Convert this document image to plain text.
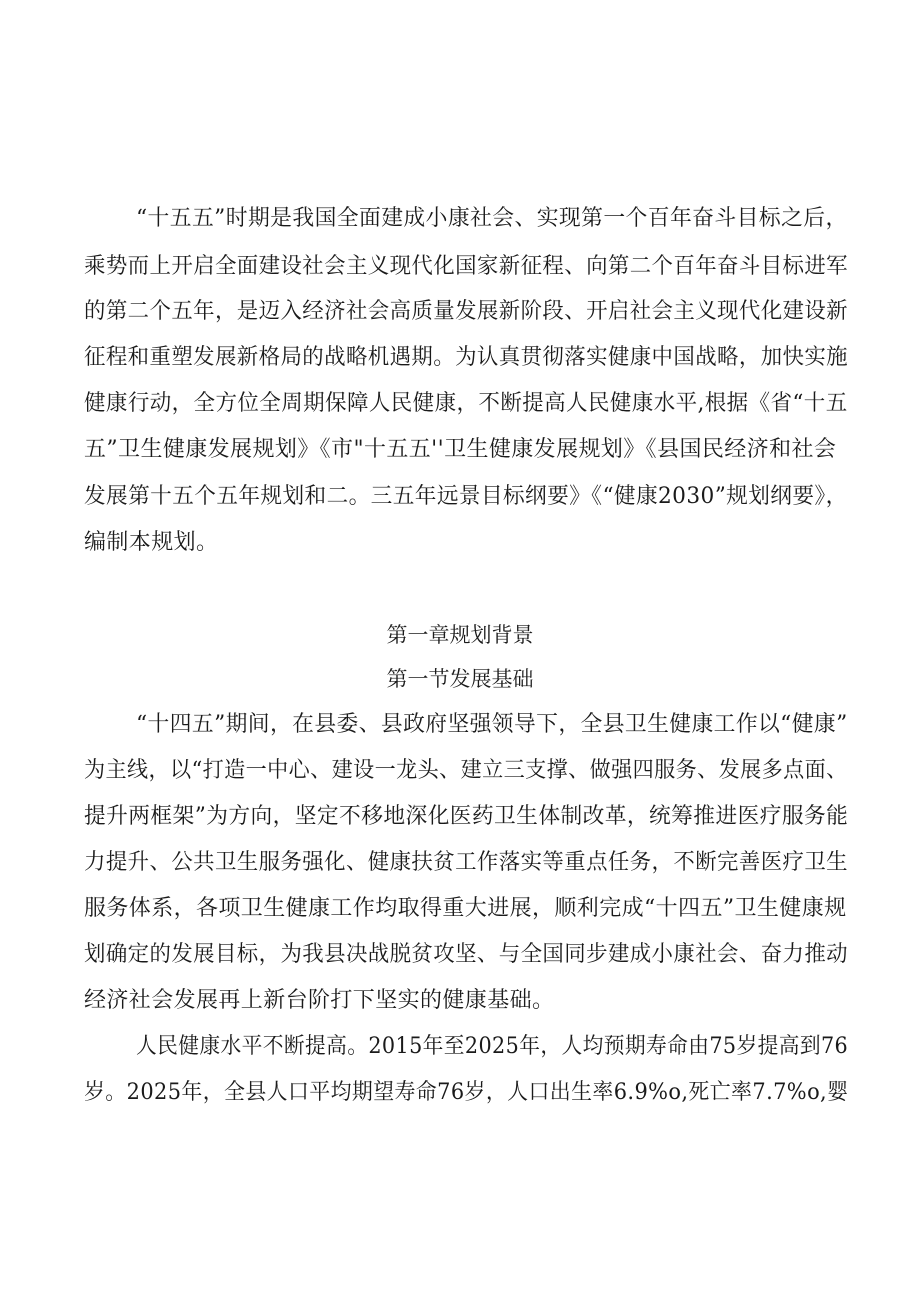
“十五五”时期是我国全面建成小康社会、实现第一个百年奋斗目标之后，
乘势而上开启全面建设社会主义现代化国家新征程、向第二个百年奋斗目标进军
的第二个五年，是迈入经济社会高质量发展新阶段、开启社会主义现代化建设新
征程和重塑发展新格局的战略机遇期。为认真贯彻落实健康中国战略，加快实施
健康行动，全方位全周期保障人民健康，不断提高人民健康水平,根据《省“十五
五”卫生健康发展规划》《市"十五五''卫生健康发展规划》《县国民经济和社会
发展第十五个五年规划和二。三五年远景目标纲要》《“健康2030”规划纲要》，
编制本规划。
第一章规划背景
第一节发展基础
“十四五”期间，在县委、县政府坚强领导下，全县卫生健康工作以“健康”
为主线，以“打造一中心、建设一龙头、建立三支撑、做强四服务、发展多点面、
提升两框架”为方向，坚定不移地深化医药卫生体制改革，统筹推进医疗服务能
力提升、公共卫生服务强化、健康扶贫工作落实等重点任务，不断完善医疗卫生
服务体系，各项卫生健康工作均取得重大进展，顺利完成“十四五”卫生健康规
划确定的发展目标，为我县决战脱贫攻坚、与全国同步建成小康社会、奋力推动
经济社会发展再上新台阶打下坚实的健康基础。
人民健康水平不断提高。2015年至2025年，人均预期寿命由75岁提高到76
岁。2025年，全县人口平均期望寿命76岁，人口出生率6.9%o,死亡率7.7%o,婴
